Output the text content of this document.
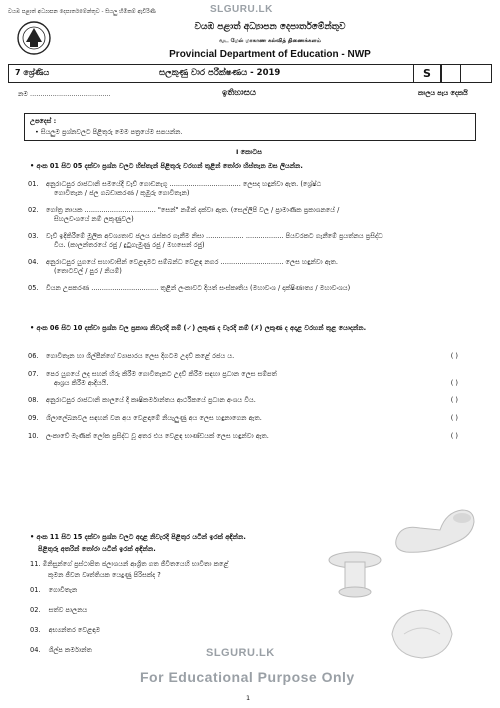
SLGURU.LK
වයඹ පළාත් අධ්‍යාපන දෙපාර්තමේන්තුව - සියලු හිමිකම් ඇවිරිණි
වයඹ පළාත් අධ්‍යාපන දෙපාර්තමේන්තුව
வட மேல் மாகாண கல்வித் திணைக்களம்
Provincial Department of Education - NWP
7 ශ්‍රේණිය	සලකුණු වාර පරීක්ෂණය - 2019	S
නම .......................................	ඉතිහාසය	කාලය පැය දෙකයි
උපදෙස් :
• සියලුම ප්‍රශ්නවලට පිළිතුරු මෙම පත්‍රයේම සපයන්න.
I කොටස
• අංක 01 සිට 05 දක්වා ප්‍රශ්න වලට හිස්තැන් පිළිතුරු වරහන් තුළින් තෝරා හිස්තැන ඔස ලියන්න.
01. අනුරාධපුර රාජධානි සමයේදී වැව් ගොඩනැගූ .................................. ලෙසද හඳුන්වා ඇත. (ශ්‍රේෂ්ඨ
ගොවිතැන / ජල ගබඩාකරණ / කුඹුරු ගොවිතැන)
02. ගෝත්‍ර නායක .................................. "සෙන්" නමින් දක්වා ඇත. (සෙල්ලිපි වල / ප්‍රාමාණික ප්‍රකාශනයේ /
සිහලවංශයේ නම් ලකුණුවල)
03. වැව් ඉදිකිරීමේ මූලික අවශ්‍යතාව ජලය රැස්කර ගැනීම නිසා .................. .................. පියවරකට ගැනීමේ ප්‍රයත්නය ප්‍රසිද්ධ
විය. (කාලන්තරයේ රජු / දුටුගැමුණු රජු / මහසෙන් රජු)
04. අනුරාධපුර යුගයේ සහාවාසීන් වෙළඳාමට සම්බන්ධ වෙළඳ නගර .............................. ලෙස හඳුන්වා ඇත.
(තොටවල් / පුර / නියම්)
05. වියන උපකරණ ................................ තුළින් ලංකාවට දියත් සංස්කෘතිය (මහාවංශ / දාක්ෂිණාත්‍ය / මහාවංශය)
• අංක 06 සිට 10 දක්වා ප්‍රශ්න වල ප්‍රකාශ නිවැරදි නම් (✓) ලකුණ ද වැරදි නම් (✗) ලකුණ ද අදාළ වරහන් තුළ යොදන්න.
06. ගොවිතැන හා ශිල්පීන්ගේ ව්‍යාපාරය ලෙස දිගටම උදව් කළේ රජය ය.	( )
07. පෙර යුගයේ ලද සහන් හිරු කිරීම ගොවිතැනට උදව් කිරීම සඳහා ප්‍රධාන ලෙස සම්පත්
ආශ්‍රය කිරීම ආදියයි.	( )
08. අනුරාධපුර රාජධානි කාලයේ දී කෘෂිකර්මාන්තය ආර්ථිකයේ ප්‍රධාන අංශය විය.	( )
09. ශිලාලේඛනවල සඳහන් වන අය වෙළඳාමේ නියැලුණු අය ලෙස හඳුනාගෙන ඇත.	( )
10. ලංකාවේ මැණික් ලෝක ප්‍රසිද්ධ වූ අතර එය වෙළඳ භාණ්ඩයක් ලෙස හඳුන්වා ඇත.	( )
• අංක 11 සිට 15 දක්වා ප්‍රශ්න වලට අදාළ නිවැරදි පිළිතුර යටින් ඉරක් අඳින්න.
පිළිතුරු අතරින් තෝරා යටින් ඉරක් අඳින්න.
11. මිනිසුන්ගේ ප්‍රස්ථාපිත ජලාශයන් ආශ්‍රිත ගත ජීවිතයෙහි භාවිතා කළේ
කුමන ජීවන වෘත්තියක යෙදුණු පිරිසක්ද ?
01. ගොවිතැන
02. සත්ව පාලනය
03. අභ්‍යන්තර වෙළඳාම
04. ශිල්ප කර්මාන්ත	SLGURU.LK
For Educational Purpose Only
1
